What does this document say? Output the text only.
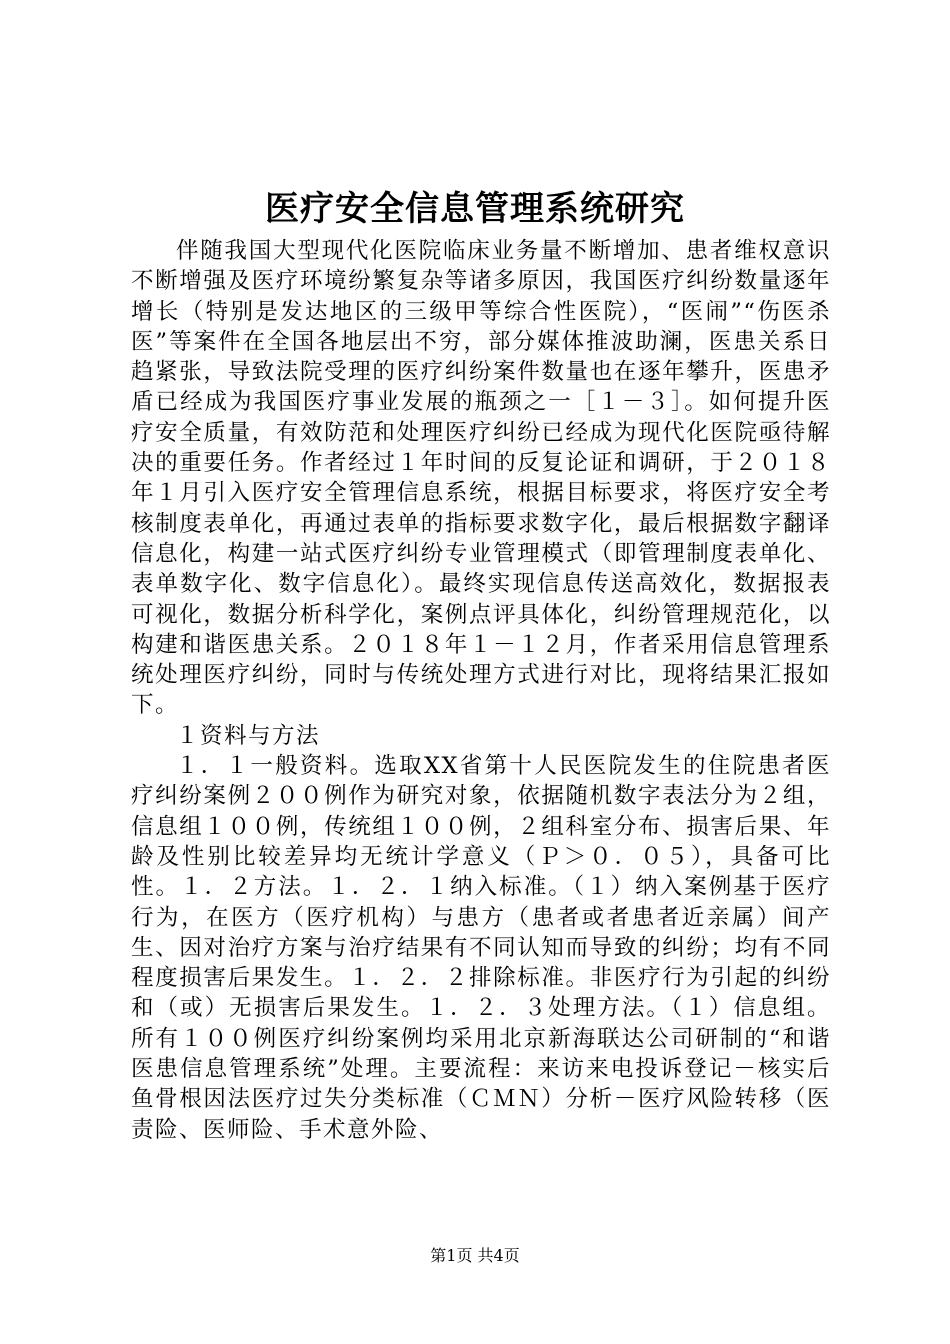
医疗安全信息管理系统研究

伴随我国大型现代化医院临床业务量不断增加、患者维权意识不断增强及医疗环境纷繁复杂等诸多原因，我国医疗纠纷数量逐年增长（特别是发达地区的三级甲等综合性医院），“医闹”“伤医杀医”等案件在全国各地层出不穷，部分媒体推波助澜，医患关系日趋紧张，导致法院受理的医疗纠纷案件数量也在逐年攀升，医患矛盾已经成为我国医疗事业发展的瓶颈之一［１－３］。如何提升医疗安全质量，有效防范和处理医疗纠纷已经成为现代化医院亟待解决的重要任务。作者经过１年时间的反复论证和调研，于２０１８年１月引入医疗安全管理信息系统，根据目标要求，将医疗安全考核制度表单化，再通过表单的指标要求数字化，最后根据数字翻译信息化，构建一站式医疗纠纷专业管理模式（即管理制度表单化、表单数字化、数字信息化）。最终实现信息传送高效化，数据报表可视化，数据分析科学化，案例点评具体化，纠纷管理规范化，以构建和谐医患关系。２０１８年１－１２月，作者采用信息管理系统处理医疗纠纷，同时与传统处理方式进行对比，现将结果汇报如下。

１资料与方法

１．１一般资料。选取XX省第十人民医院发生的住院患者医疗纠纷案例２００例作为研究对象，依据随机数字表法分为２组，信息组１００例，传统组１００例，２组科室分布、损害后果、年龄及性别比较差异均无统计学意义（Ｐ＞０．０５），具备可比性。１．２方法。１．２．１纳入标准。（１）纳入案例基于医疗行为，在医方（医疗机构）与患方（患者或者患者近亲属）间产生、因对治疗方案与治疗结果有不同认知而导致的纠纷；均有不同程度损害后果发生。１．２．２排除标准。非医疗行为引起的纠纷和（或）无损害后果发生。１．２．３处理方法。（１）信息组。所有１００例医疗纠纷案例均采用北京新海联达公司研制的“和谐医患信息管理系统”处理。主要流程：来访来电投诉登记－核实后鱼骨根因法医疗过失分类标准（ＣＭＮ）分析－医疗风险转移（医责险、医师险、手术意外险、

第1页 共4页
